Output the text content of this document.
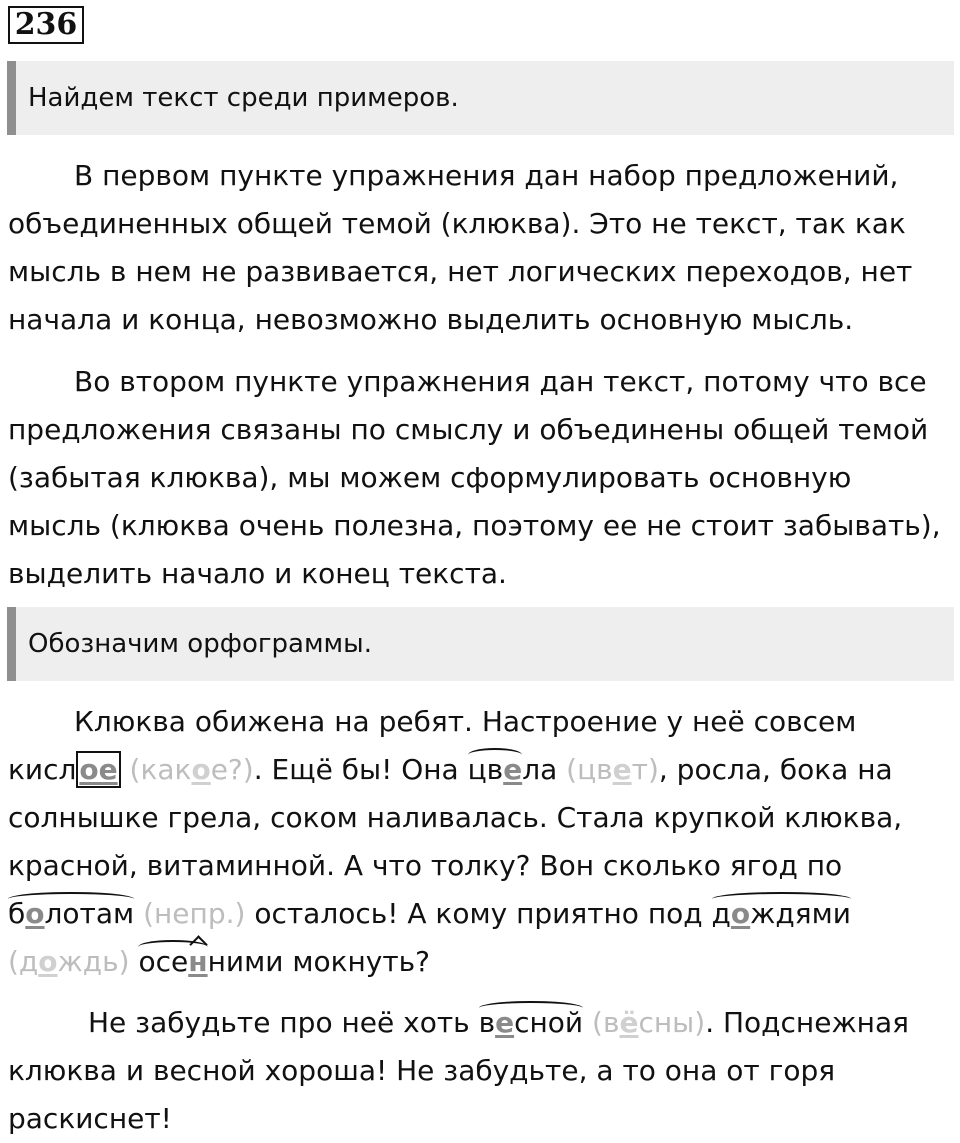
236
Найдем текст среди примеров.
В первом пункте упражнения дан набор предложений,
объединенных общей темой (клюква). Это не текст, так как
мысль в нем не развивается, нет логических переходов, нет
начала и конца, невозможно выделить основную мысль.
Во втором пункте упражнения дан текст, потому что все
предложения связаны по смыслу и объединены общей темой
(забытая клюква), мы можем сформулировать основную
мысль (клюква очень полезна, поэтому ее не стоит забывать),
выделить начало и конец текста.
Обозначим орфограммы.
Клюква обижена на ребят. Настроение у неё совсем
кисл ое (какое?). Ещё бы! Она цвела (цвет), росла, бока на
солнышке грела, соком наливалась. Стала крупкой клюква,
красной, витаминной. А что толку? Вон сколько ягод по
болотам (непр.) осталось! А кому приятно под дождями
(дождь) осенними мокнуть?
Не забудьте про неё хоть весной (вёсны). Подснежная
клюква и весной хороша! Не забудьте, а то она от горя
раскиснет!
